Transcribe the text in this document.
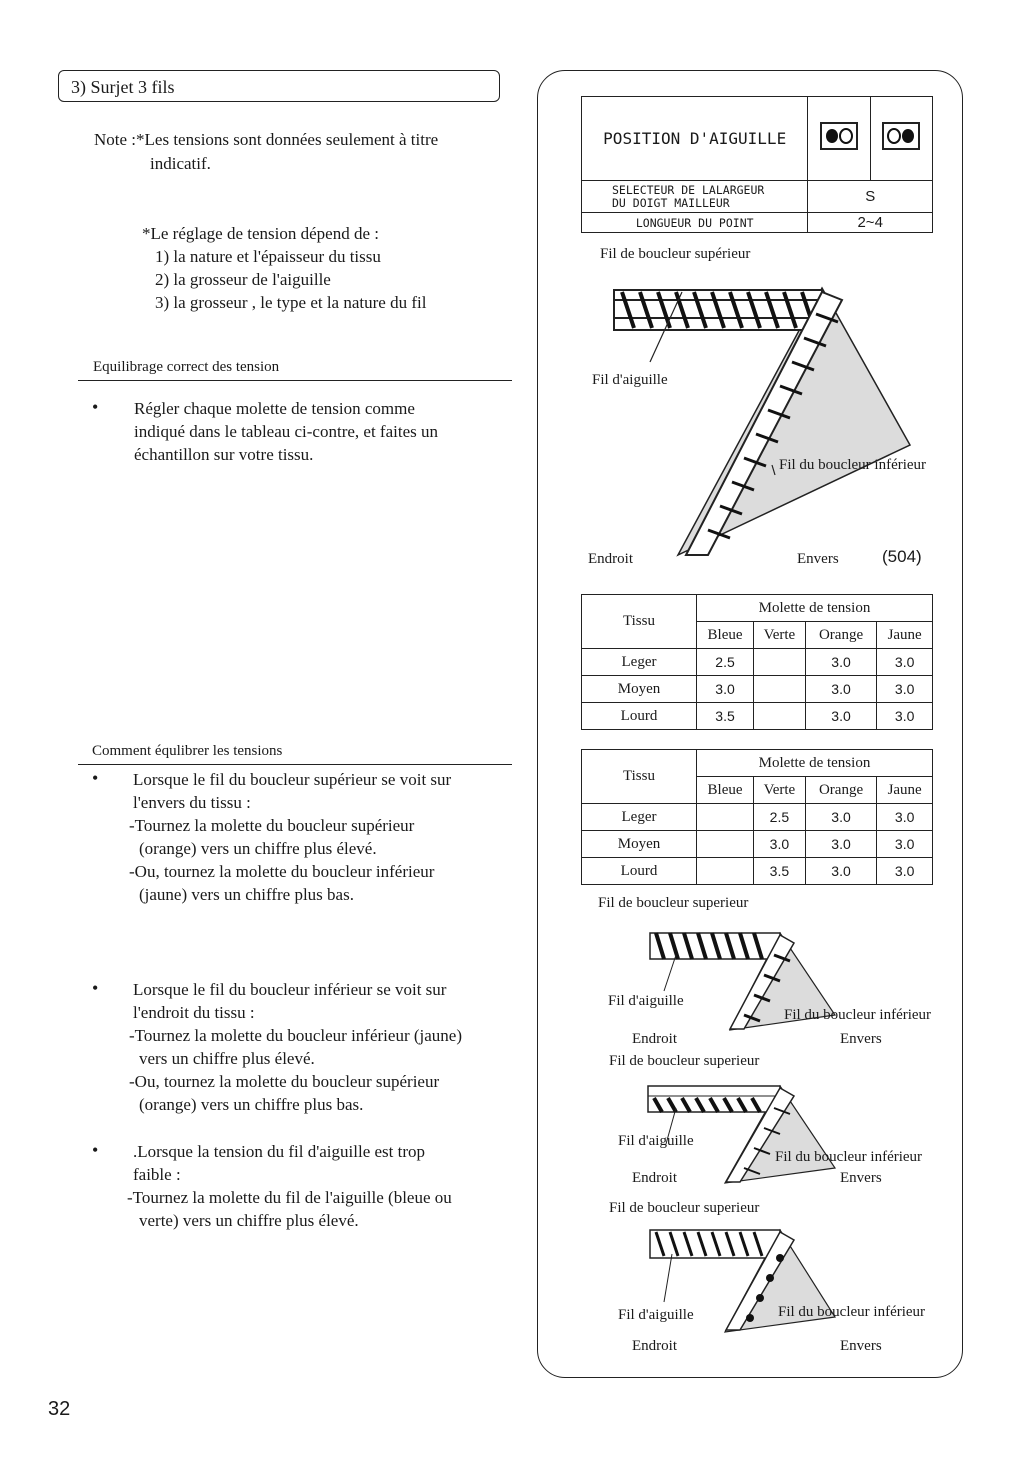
3) Surjet 3 fils
Note :*Les tensions sont données seulement à titre
indicatif.
*Le réglage de tension dépend de :
1) la nature et l'épaisseur du tissu
2) la grosseur de l'aiguille
3) la grosseur , le type et la nature du fil
Equilibrage correct des tension
• Régler chaque molette de tension comme
indiqué dans le tableau ci-contre, et faites un
échantillon sur votre tissu.
Comment équlibrer les tensions
• Lorsque le fil du boucleur supérieur se voit sur
l'envers du tissu :
-Tournez la molette du boucleur supérieur
(orange) vers un chiffre plus élevé.
-Ou, tournez la molette du boucleur inférieur
(jaune) vers un chiffre plus bas.
• Lorsque le fil du boucleur inférieur se voit sur
l'endroit du tissu :
-Tournez la molette du boucleur inférieur (jaune)
vers un chiffre plus élevé.
-Ou, tournez la molette du boucleur supérieur
(orange) vers un chiffre plus bas.
• .Lorsque la tension du fil d'aiguille est trop
faible :
-Tournez la molette du fil de l'aiguille (bleue ou
verte) vers un chiffre plus élevé.
POSITION D'AIGUILLE		

SELECTEUR DE LALARGEUR
DU DOIGT MAILLEUR	S	
LONGUEUR DU POINT	2~4	
Fil de boucleur supérieur
Fil d'aiguille
Fil du boucleur inférieur
Endroit	Envers	(504)
Tissu	Molette de tension			
	Bleue	Verte	Orange	Jaune
Leger	2.5		3.0	3.0
Moyen	3.0		3.0	3.0
Lourd	3.5		3.0	3.0
Tissu	Molette de tension			
	Bleue	Verte	Orange	Jaune
Leger		2.5	3.0	3.0
Moyen		3.0	3.0	3.0
Lourd		3.5	3.0	3.0
Fil de boucleur superieur
Fil d'aiguille
Fil du boucleur inférieur
Endroit	Envers
Fil de boucleur superieur
Fil d'aiguille
Fil du boucleur inférieur
Endroit	Envers
Fil de boucleur superieur
Fil d'aiguille	Fil du boucleur inférieur
Endroit	Envers
32
